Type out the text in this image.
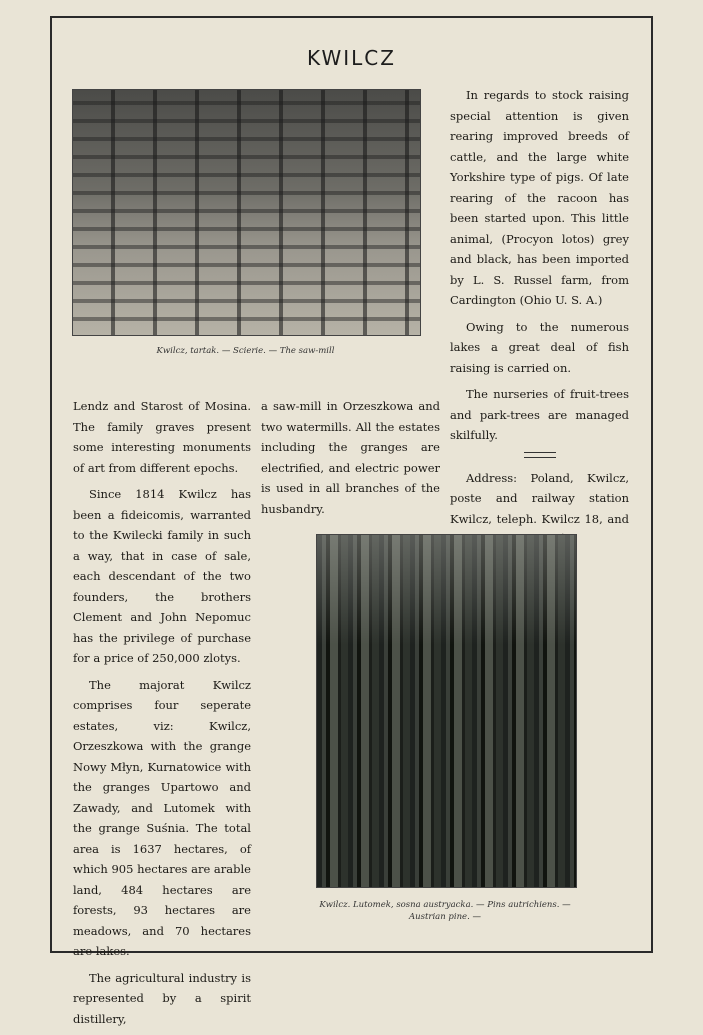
KWILCZ
Kwilcz, tartak. — Scierie. — The saw-mill

Lendz and Starost of Mosina. The family graves present some interesting monuments of art from different epochs.

Since 1814 Kwilcz has been a fideicomis, warranted to the Kwilecki family in such a way, that in case of sale, each descendant of the two founders, the brothers Clement and John Nepomuc has the privilege of purchase for a price of 250,000 zlotys.

The majorat Kwilcz comprises four seperate estates, viz: Kwilcz, Orzeszkowa with the grange Nowy Młyn, Kurnatowice with the granges Upartowo and Zawady, and Lutomek with the grange Suśnia. The total area is 1637 hectares, of which 905 hectares are arable land, 484 hectares are forests, 93 hectares are meadows, and 70 hectares are lakes.

The agricultural industry is represented by a spirit distillery,

a saw-mill in Orzeszkowa and two watermills. All the estates including the granges are electrified, and electric power is used in all branches of the husbandry.

In regards to stock raising special attention is given rearing improved breeds of cattle, and the large white Yorkshire type of pigs. Of late rearing of the racoon has been started upon. This little animal, (Procyon lotos) grey and black, has been imported by L. S. Russel farm, from Cardington (Ohio U. S. A.)

Owing to the numerous lakes a great deal of fish raising is carried on.

The nurseries of fruit-trees and park-trees are managed skilfully.

Address: Poland, Kwilcz, poste and railway station Kwilcz, teleph. Kwilcz 18, and

Kwilcz. Lutomek, sosna austryacka. — Pins autrichiens. —
Austrian pine. —
